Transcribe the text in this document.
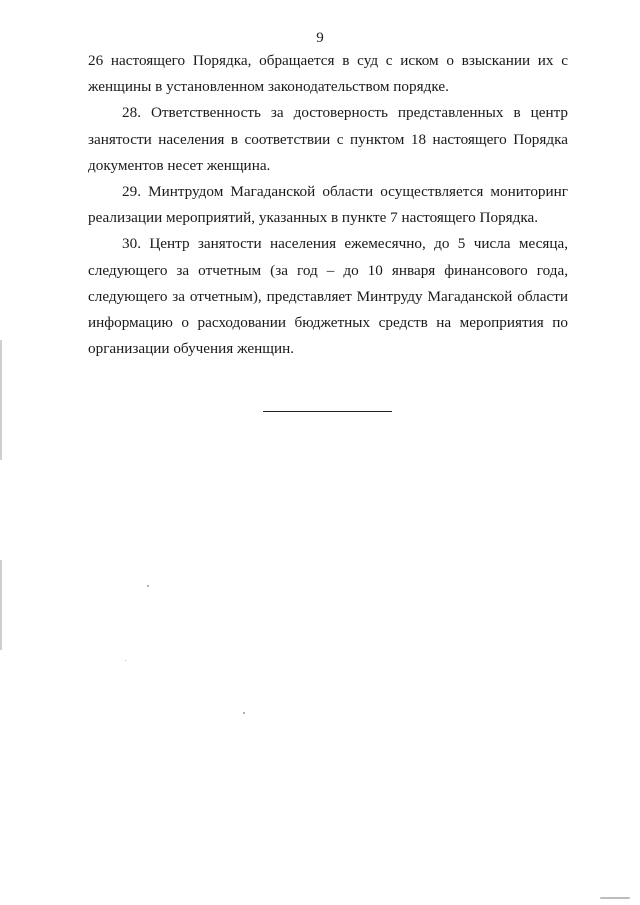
9

26 настоящего Порядка, обращается в суд с иском о взыскании их с женщины в установленном законодательством порядке.

28. Ответственность за достоверность представленных в центр занятости населения в соответствии с пунктом 18 настоящего Порядка документов несет женщина.

29. Минтрудом Магаданской области осуществляется мониторинг реализации мероприятий, указанных в пункте 7 настоящего Порядка.

30. Центр занятости населения ежемесячно, до 5 числа месяца, следующего за отчетным (за год – до 10 января финансового года, следующего за отчетным), представляет Минтруду Магаданской области информацию о расходовании бюджетных средств на мероприятия по организации обучения женщин.
